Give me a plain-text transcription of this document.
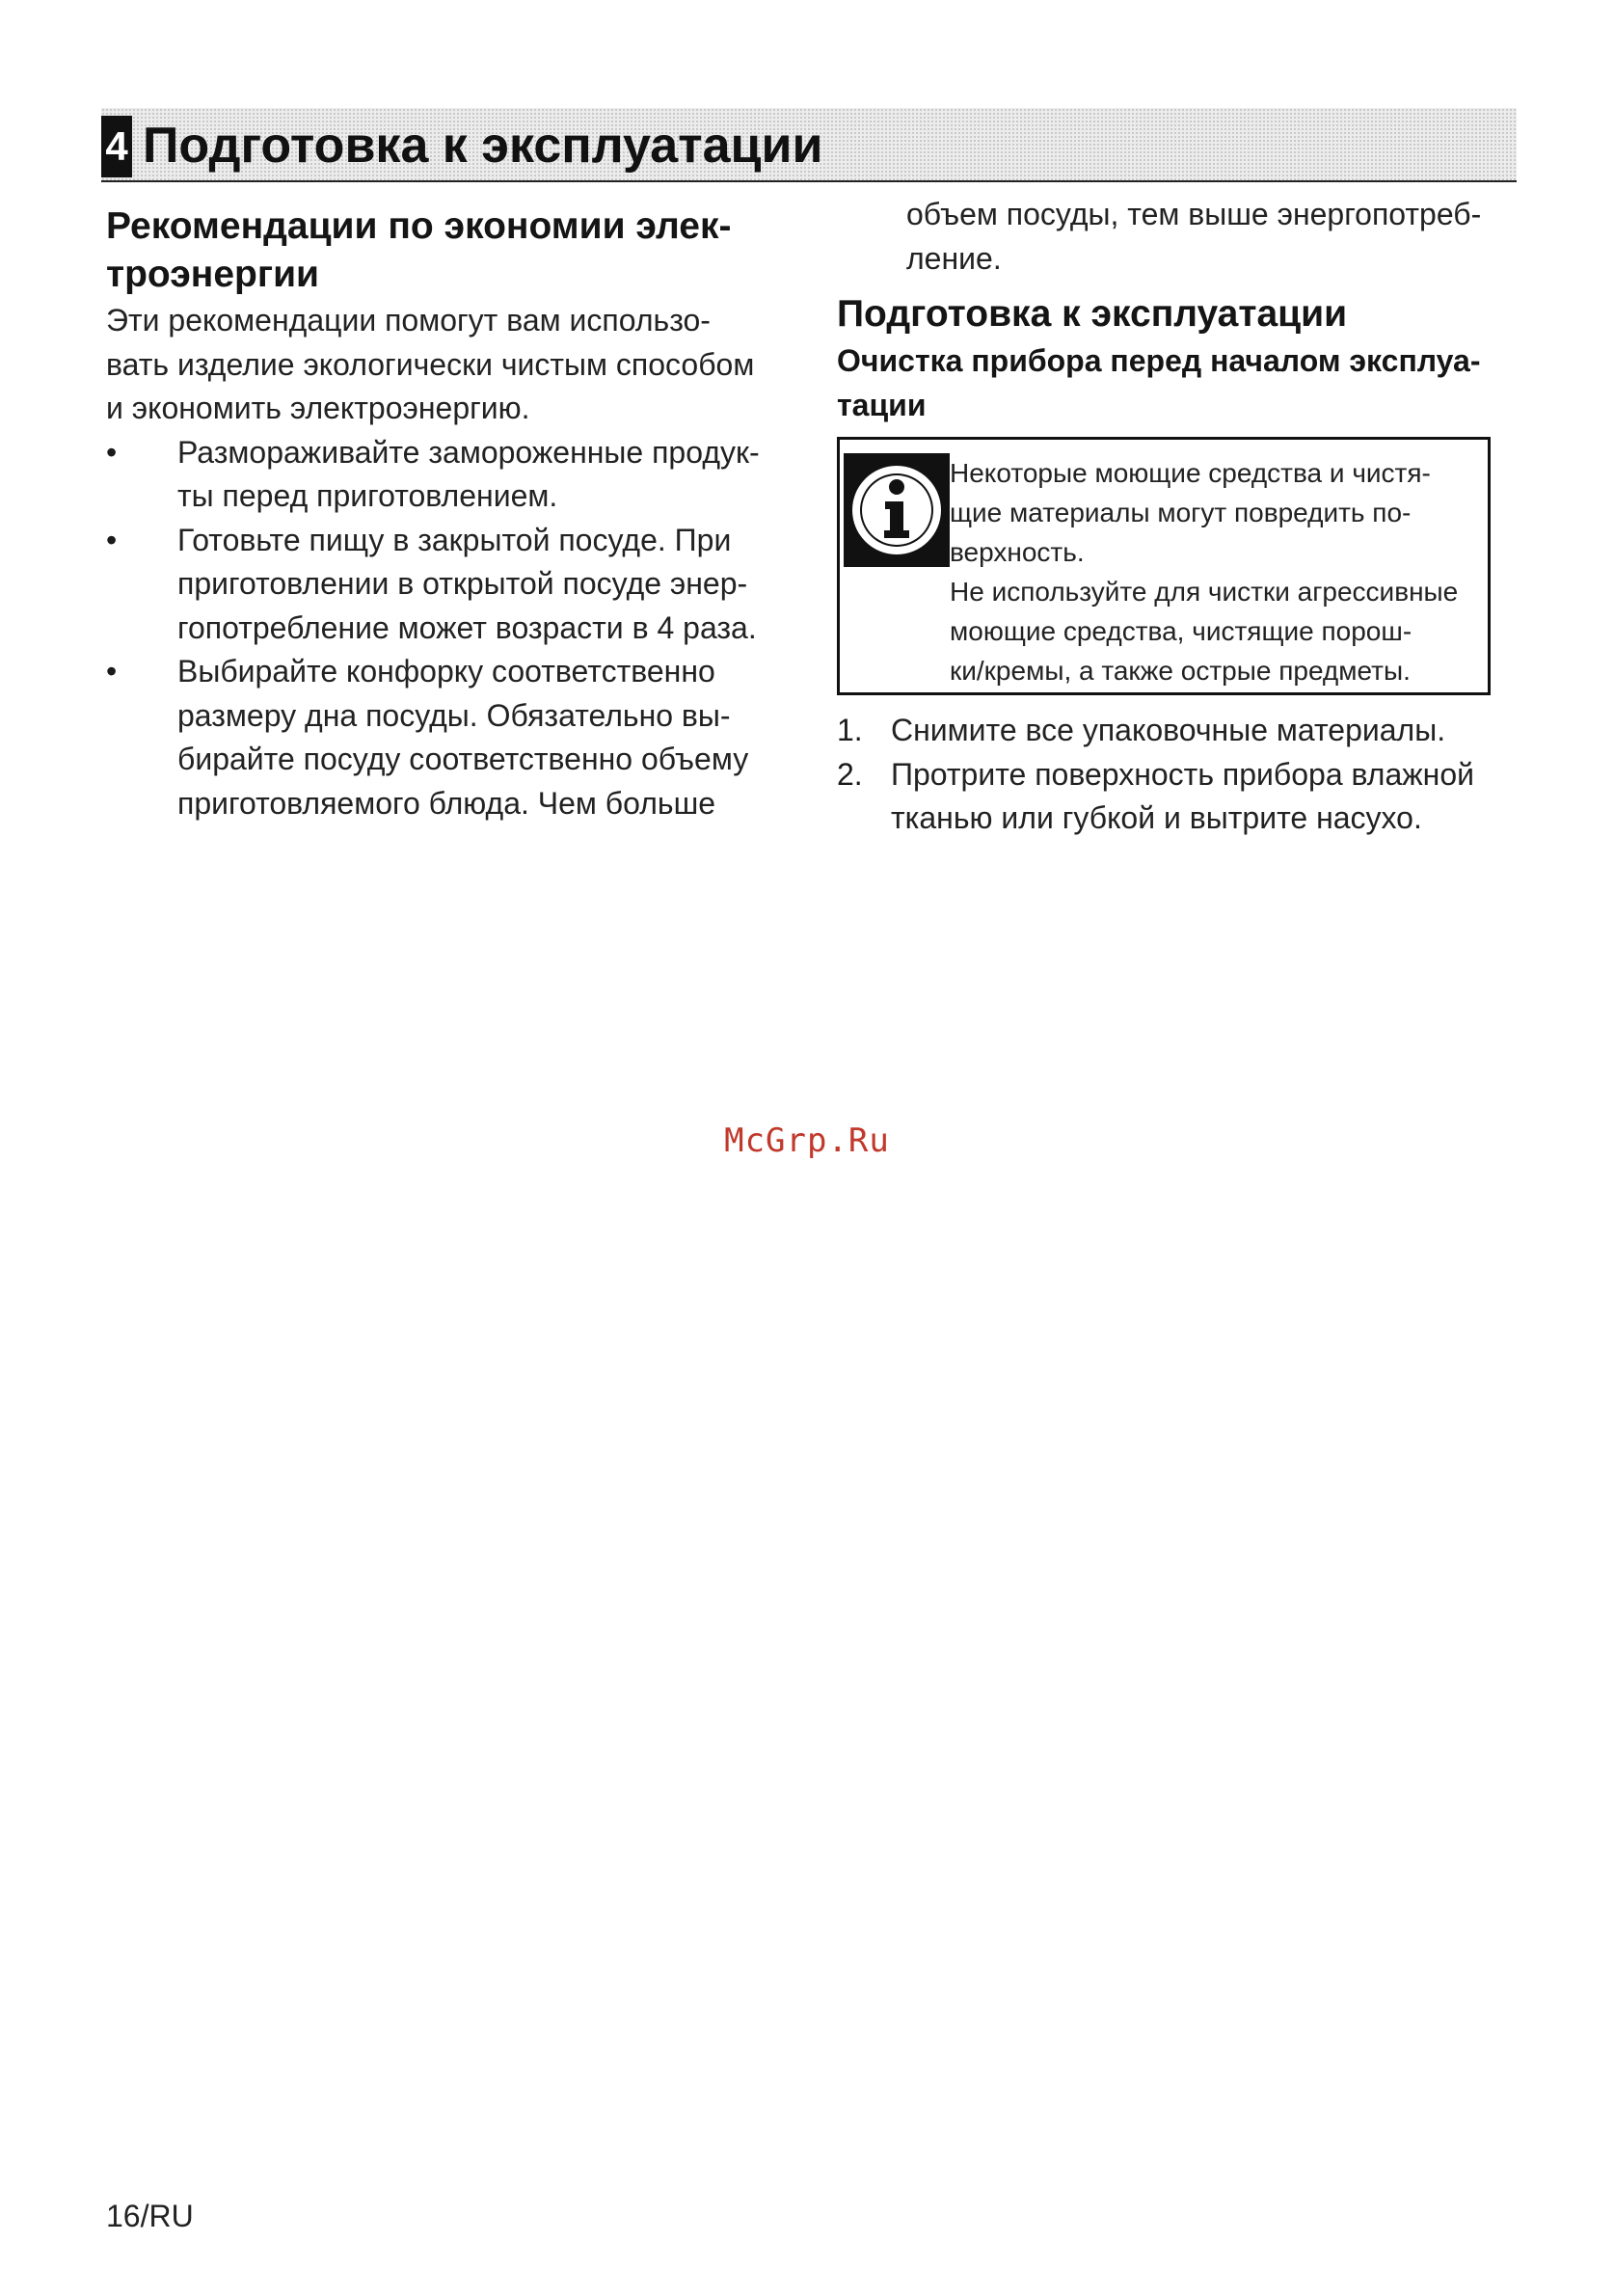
4 Подготовка к эксплуатации
Рекомендации по экономии элек-
троэнергии

Эти рекомендации помогут вам использо-
вать изделие экологически чистым способом
и экономить электроэнергию.

• Размораживайте замороженные продук-
ты перед приготовлением.
• Готовьте пищу в закрытой посуде. При
приготовлении в открытой посуде энер-
гопотребление может возрасти в 4 раза.
• Выбирайте конфорку соответственно
размеру дна посуды. Обязательно вы-
бирайте посуду соответственно объему
приготовляемого блюда. Чем больше

объем посуды, тем выше энергопотреб-
ление.

Подготовка к эксплуатации
Очистка прибора перед началом эксплуа-
тации
Некоторые моющие средства и чистя-
щие материалы могут повредить по-
верхность.
Не используйте для чистки агрессивные
моющие средства, чистящие порош-
ки/кремы, а также острые предметы.
1. Снимите все упаковочные материалы.
2. Протрите поверхность прибора влажной
тканью или губкой и вытрите насухо.
McGrp.Ru
16/RU
